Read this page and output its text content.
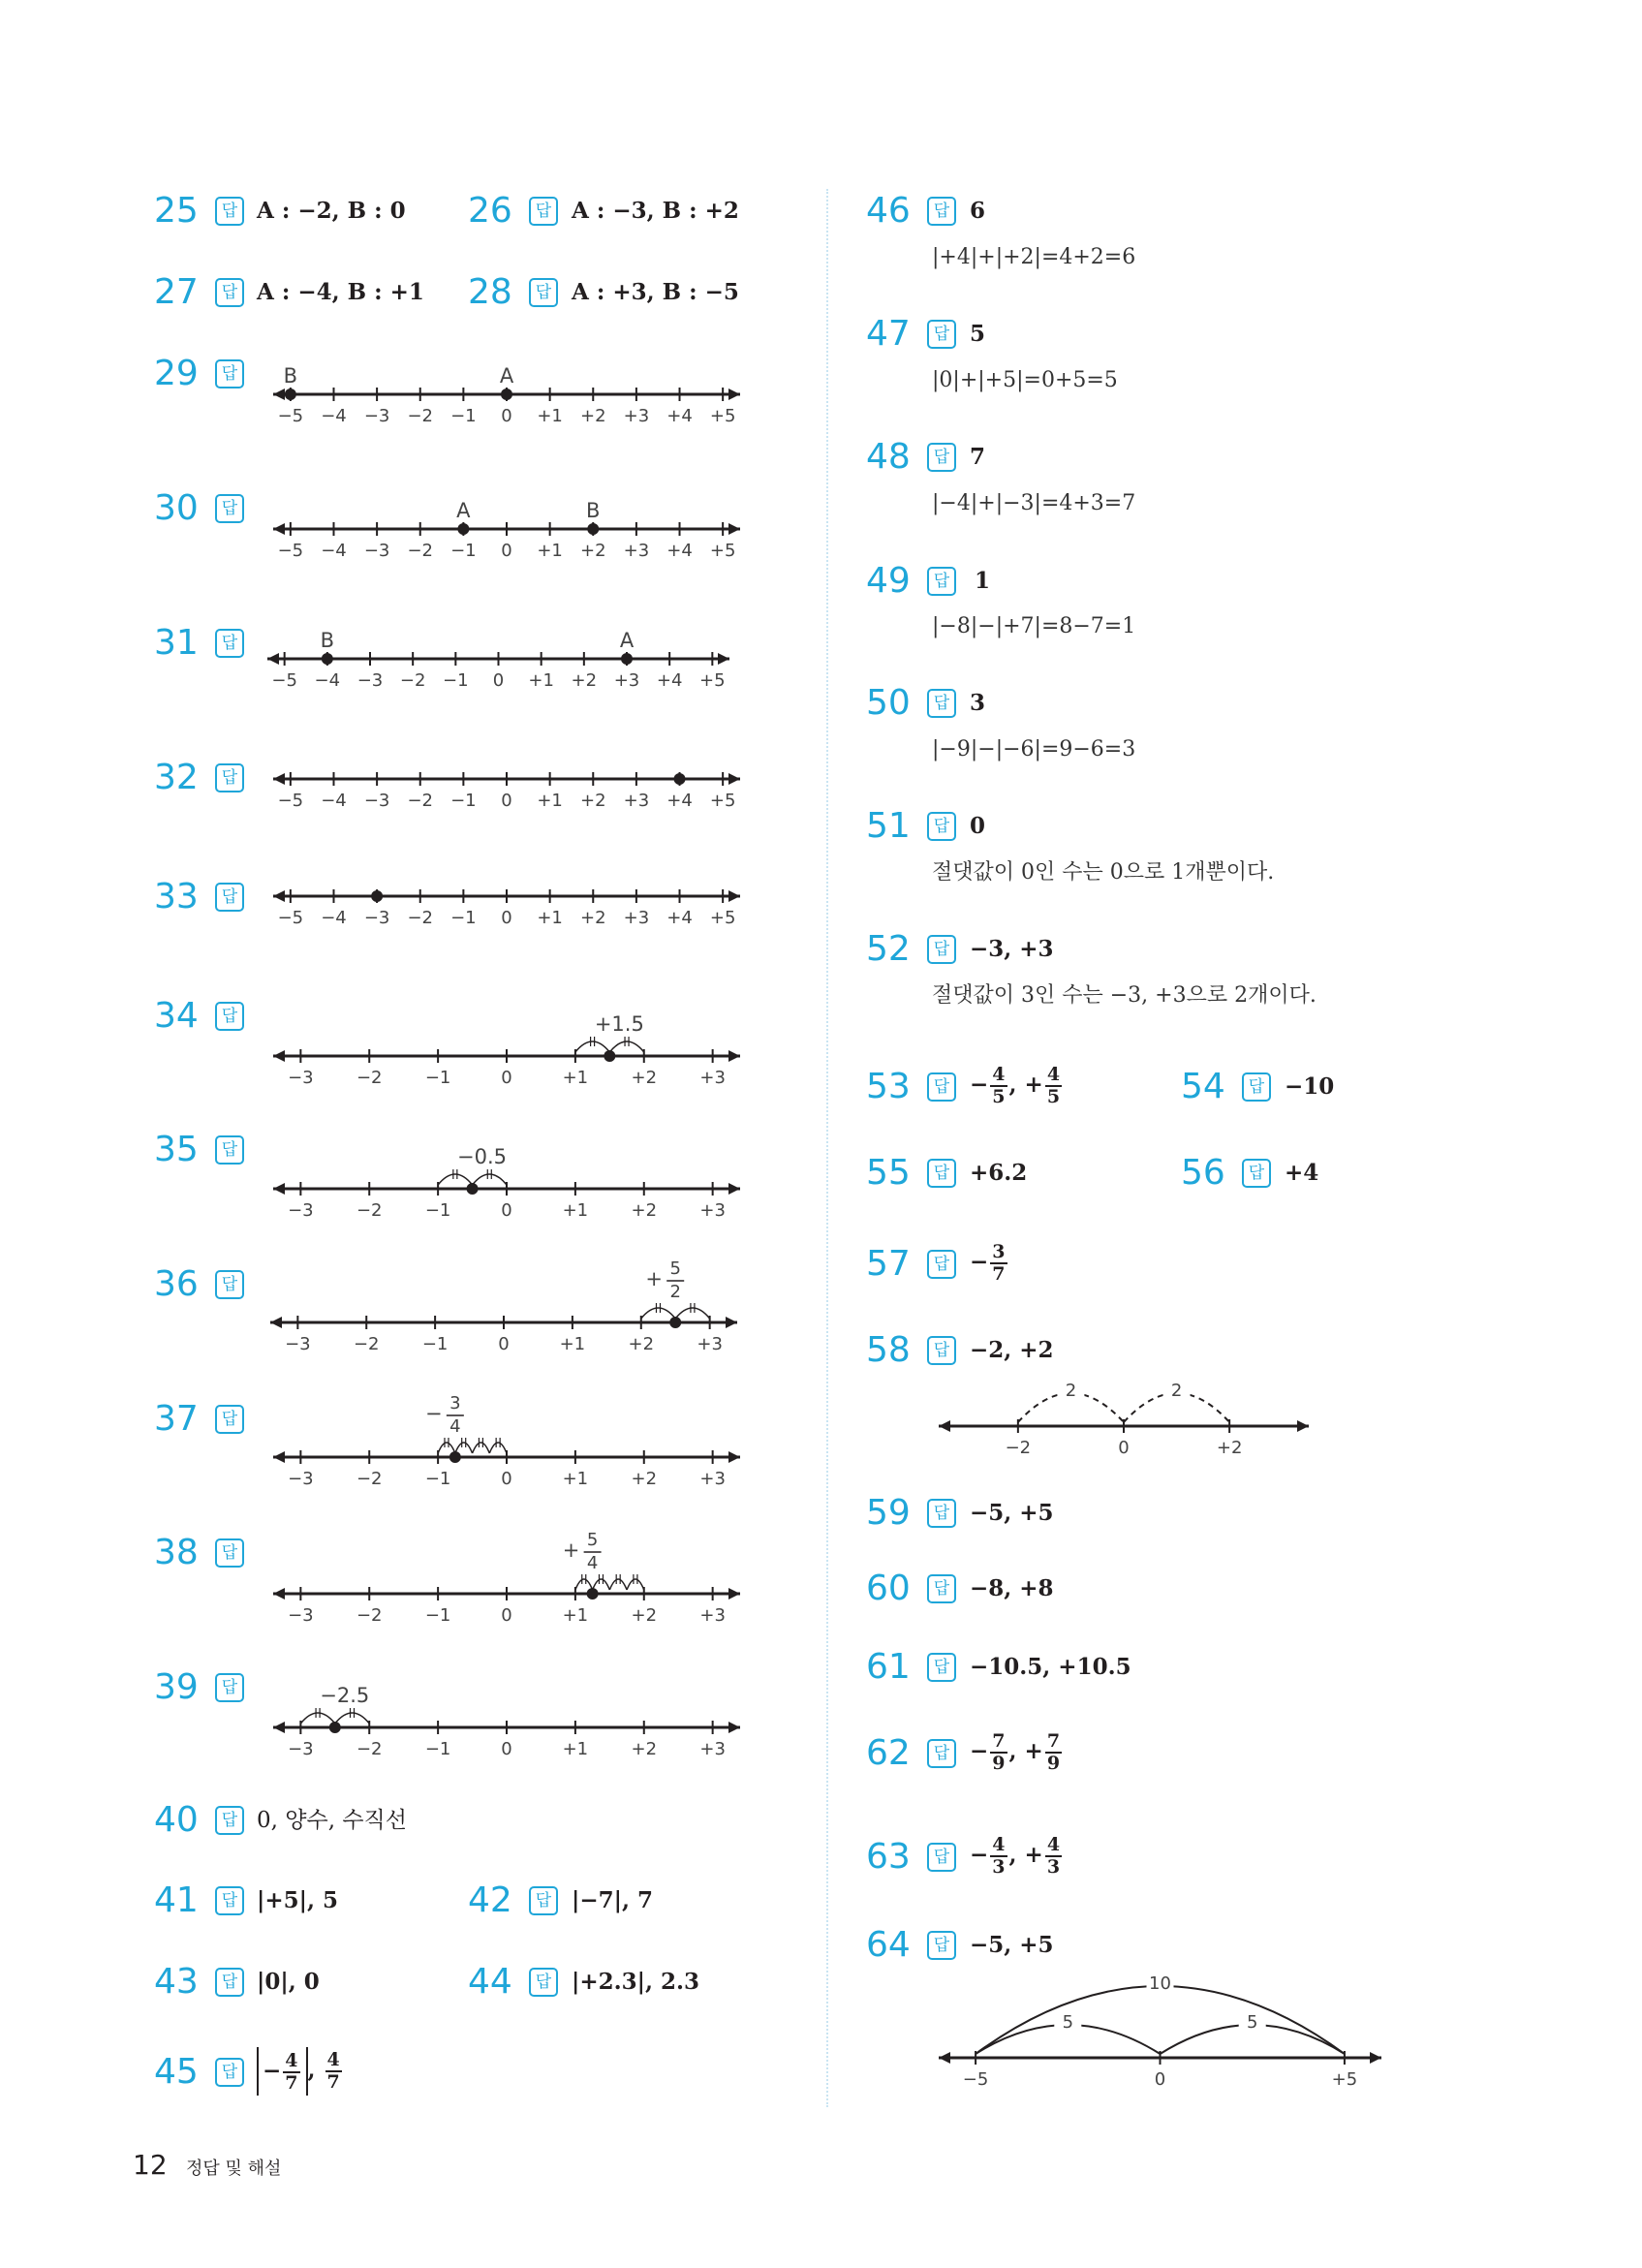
25	답 A : −2, B : 0 26	답 A : −3, B : +2
27	답 A : −4, B : +1 28	답 A : +3, B : −5
29	답
−5 −4 −3 −2 −1 0 +1 +2 +3 +4 +5
B	A
30	답
−5 −4 −3 −2 −1 0 +1 +2 +3 +4 +5
A	B
31	답
−5 −4 −3 −2 −1 0 +1 +2 +3 +4 +5
B	A
32	답
−5 −4 −3 −2 −1 0 +1 +2 +3 +4 +5
33	답
−5 −4 −3 −2 −1 0 +1 +2 +3 +4 +5
34	답
−3 −2 −1	0	+1 +2 +3
+1.5
35	답
−3 −2 −1	0	+1 +2 +3
−0.5
36	답
−3 −2 −1	0	+1 +2 +3
+ 5
2
37	답
−3 −2 −1	0	+1 +2 +3
− 3
4
38	답
−3 −2 −1	0	+1 +2 +3
+ 5
4
39	답
−3 −2 −1	0	+1 +2 +3
−2.5
40	답 0, 양수, 수직선
41	답 |+5|, 5	42	답 |−7|, 7
43	답 |0|, 0	44	답 |+2.3|, 2.3
45	답 − $\frac{4}{7}$ , $\frac{4}{7}$
46	답 6
|+4|+|+2|=4+2=6
47	답 5
|0|+|+5|=0+5=5
48	답 7
|−4|+|−3|=4+3=7
49	답 1
|−8|−|+7|=8−7=1
50	답 3
|−9|−|−6|=9−6=3
51	답 0
절댓값이 0인 수는 0으로 1개뿐이다.
52	답 −3, +3
절댓값이 3인 수는 −3, +3으로 2개이다.
53	답 − $\frac{4}{5}$ , + $\frac{4}{5}$	54	답 −10
55	답 +6.2	56	답 +4
57	답 − $\frac{3}{7}$
58	답 −2, +2
−2	0	+2
2	2
59	답 −5, +5
60	답 −8, +8
61	답 −10.5, +10.5
62	답 − $\frac{7}{9}$ , + $\frac{7}{9}$
63	답 − $\frac{4}{3}$ , + $\frac{4}{3}$
64	답 −5, +5
−5	0	+5
5	5
10
12 정답 및 해설
